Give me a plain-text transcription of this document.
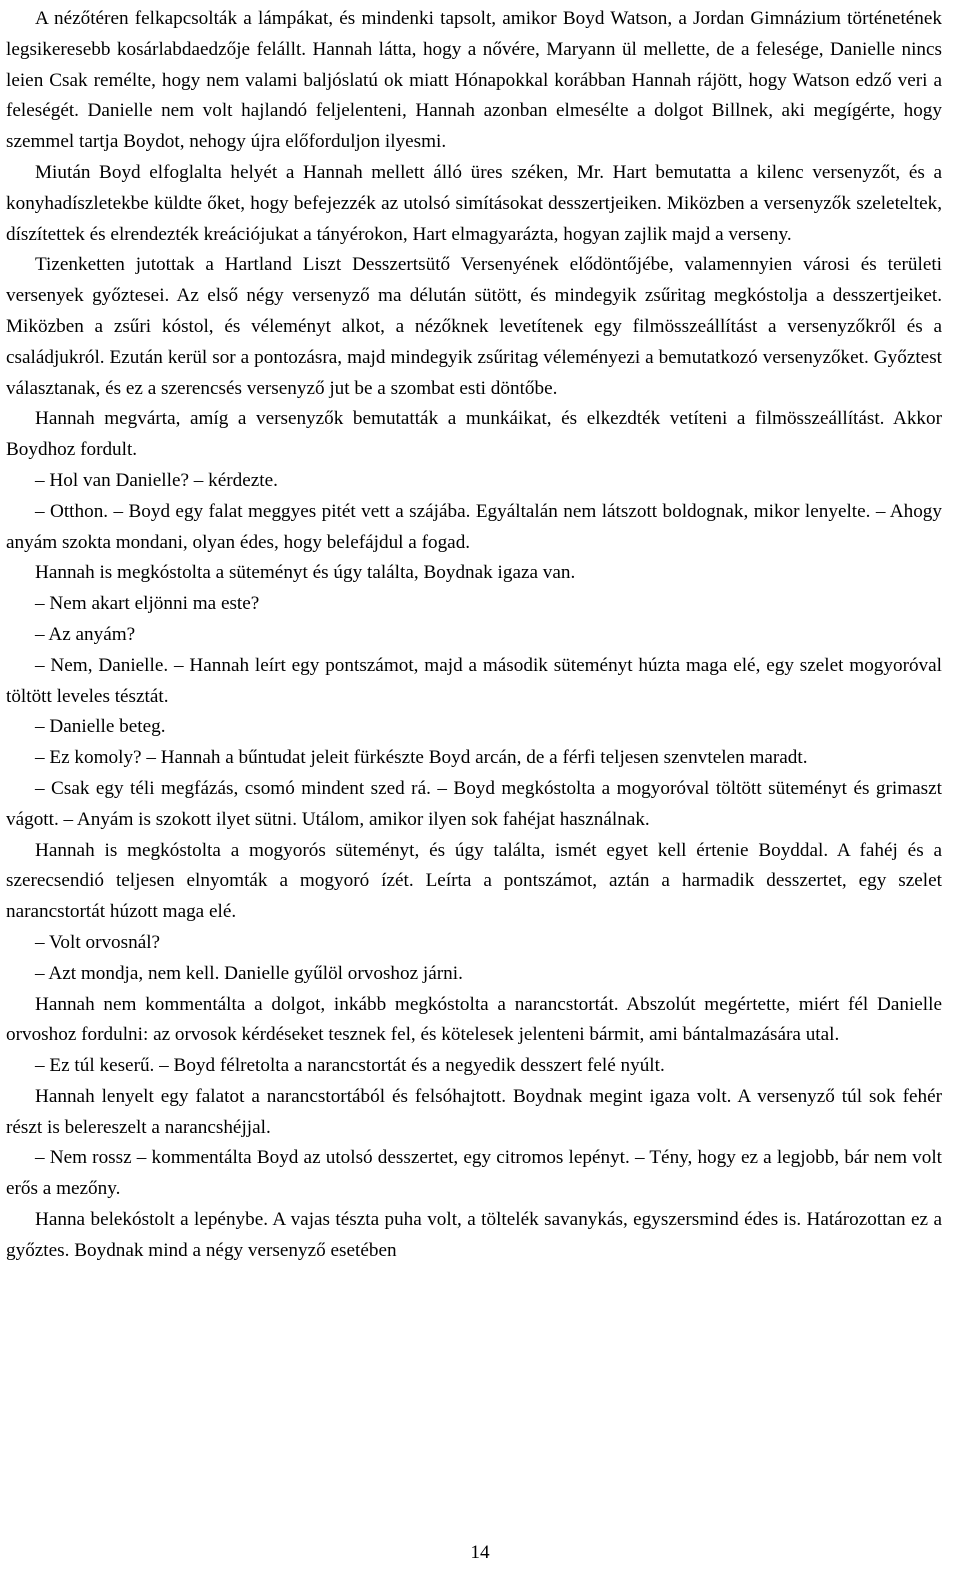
A nézőtéren felkapcsolták a lámpákat, és mindenki tapsolt, amikor Boyd Watson, a Jordan Gimnázium történetének legsikeresebb kosárlabdaedzője felállt. Hannah látta, hogy a nővére, Maryann ül mellette, de a felesége, Danielle nincs leien Csak remélte, hogy nem valami baljóslatú ok miatt Hónapokkal korábban Hannah rájött, hogy Watson edző veri a feleségét. Danielle nem volt hajlandó feljelenteni, Hannah azonban elmesélte a dolgot Billnek, aki megígérte, hogy szemmel tartja Boydot, nehogy újra előforduljon ilyesmi.

Miután Boyd elfoglalta helyét a Hannah mellett álló üres széken, Mr. Hart bemutatta a kilenc versenyzőt, és a konyhadíszletekbe küldte őket, hogy befejezzék az utolsó simításokat desszertjeiken. Miközben a versenyzők szeleteltek, díszítettek és elrendezték kreációjukat a tányérokon, Hart elmagyarázta, hogyan zajlik majd a verseny.

Tizenketten jutottak a Hartland Liszt Desszertsütő Versenyének elődöntőjébe, valamennyien városi és területi versenyek győztesei. Az első négy versenyző ma délután sütött, és mindegyik zsűritag megkóstolja a desszertjeiket. Miközben a zsűri kóstol, és véleményt alkot, a nézőknek levetítenek egy filmösszeállítást a versenyzőkről és a családjukról. Ezután kerül sor a pontozásra, majd mindegyik zsűritag véleményezi a bemutatkozó versenyzőket. Győztest választanak, és ez a szerencsés versenyző jut be a szombat esti döntőbe.

Hannah megvárta, amíg a versenyzők bemutatták a munkáikat, és elkezdték vetíteni a filmösszeállítást. Akkor Boydhoz fordult.

– Hol van Danielle? – kérdezte.

– Otthon. – Boyd egy falat meggyes pitét vett a szájába. Egyáltalán nem látszott boldognak, mikor lenyelte. – Ahogy anyám szokta mondani, olyan édes, hogy belefájdul a fogad.

Hannah is megkóstolta a süteményt és úgy találta, Boydnak igaza van.

– Nem akart eljönni ma este?

– Az anyám?

– Nem, Danielle. – Hannah leírt egy pontszámot, majd a második süteményt húzta maga elé, egy szelet mogyoróval töltött leveles tésztát.

– Danielle beteg.

– Ez komoly? – Hannah a bűntudat jeleit fürkészte Boyd arcán, de a férfi teljesen szenvtelen maradt.

– Csak egy téli megfázás, csomó mindent szed rá. – Boyd megkóstolta a mogyoróval töltött süteményt és grimaszt vágott. – Anyám is szokott ilyet sütni. Utálom, amikor ilyen sok fahéjat használnak.

Hannah is megkóstolta a mogyorós süteményt, és úgy találta, ismét egyet kell értenie Boyddal. A fahéj és a szerecsendió teljesen elnyomták a mogyoró ízét. Leírta a pontszámot, aztán a harmadik desszertet, egy szelet narancstortát húzott maga elé.

– Volt orvosnál?

– Azt mondja, nem kell. Danielle gyűlöl orvoshoz járni.

Hannah nem kommentálta a dolgot, inkább megkóstolta a narancstortát. Abszolút megértette, miért fél Danielle orvoshoz fordulni: az orvosok kérdéseket tesznek fel, és kötelesek jelenteni bármit, ami bántalmazására utal.

– Ez túl keserű. – Boyd félretolta a narancstortát és a negyedik desszert felé nyúlt.

Hannah lenyelt egy falatot a narancstortából és felsóhajtott. Boydnak megint igaza volt. A versenyző túl sok fehér részt is belereszelt a narancshéjjal.

– Nem rossz – kommentálta Boyd az utolsó desszertet, egy citromos lepényt. – Tény, hogy ez a legjobb, bár nem volt erős a mezőny.

Hanna belekóstolt a lepénybe. A vajas tészta puha volt, a töltelék savanykás, egyszersmind édes is. Határozottan ez a győztes. Boydnak mind a négy versenyző esetében

14
